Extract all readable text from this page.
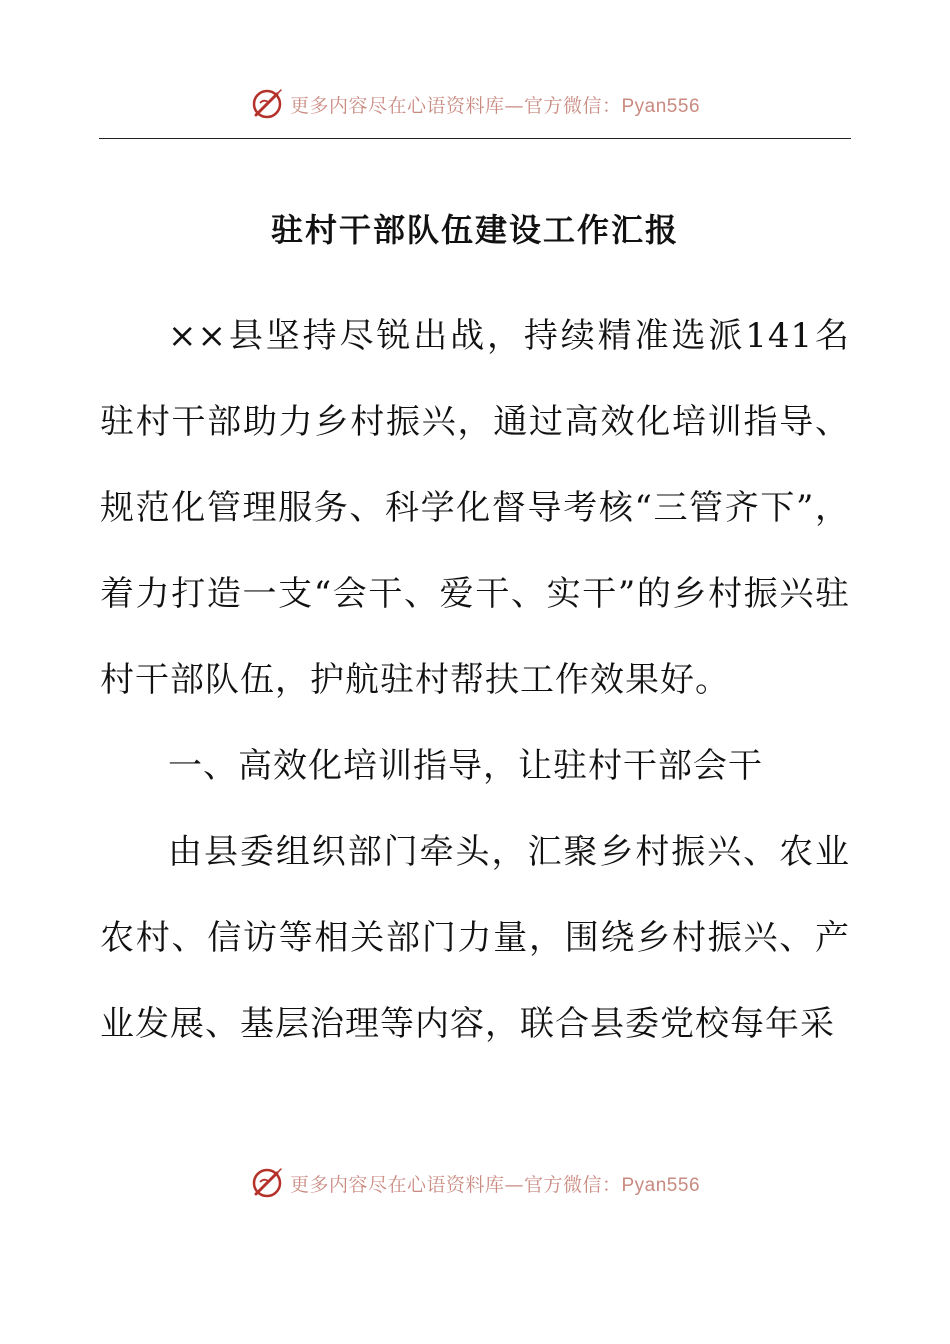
更多内容尽在心语资料库—官方微信：Pyan556
驻村干部队伍建设工作汇报

××县坚持尽锐出战，持续精准选派141名驻村干部助力乡村振兴，通过高效化培训指导、规范化管理服务、科学化督导考核“三管齐下”，着力打造一支“会干、爱干、实干”的乡村振兴驻村干部队伍，护航驻村帮扶工作效果好。

一、高效化培训指导，让驻村干部会干

由县委组织部门牵头，汇聚乡村振兴、农业农村、信访等相关部门力量，围绕乡村振兴、产业发展、基层治理等内容，联合县委党校每年采

更多内容尽在心语资料库—官方微信：Pyan556
